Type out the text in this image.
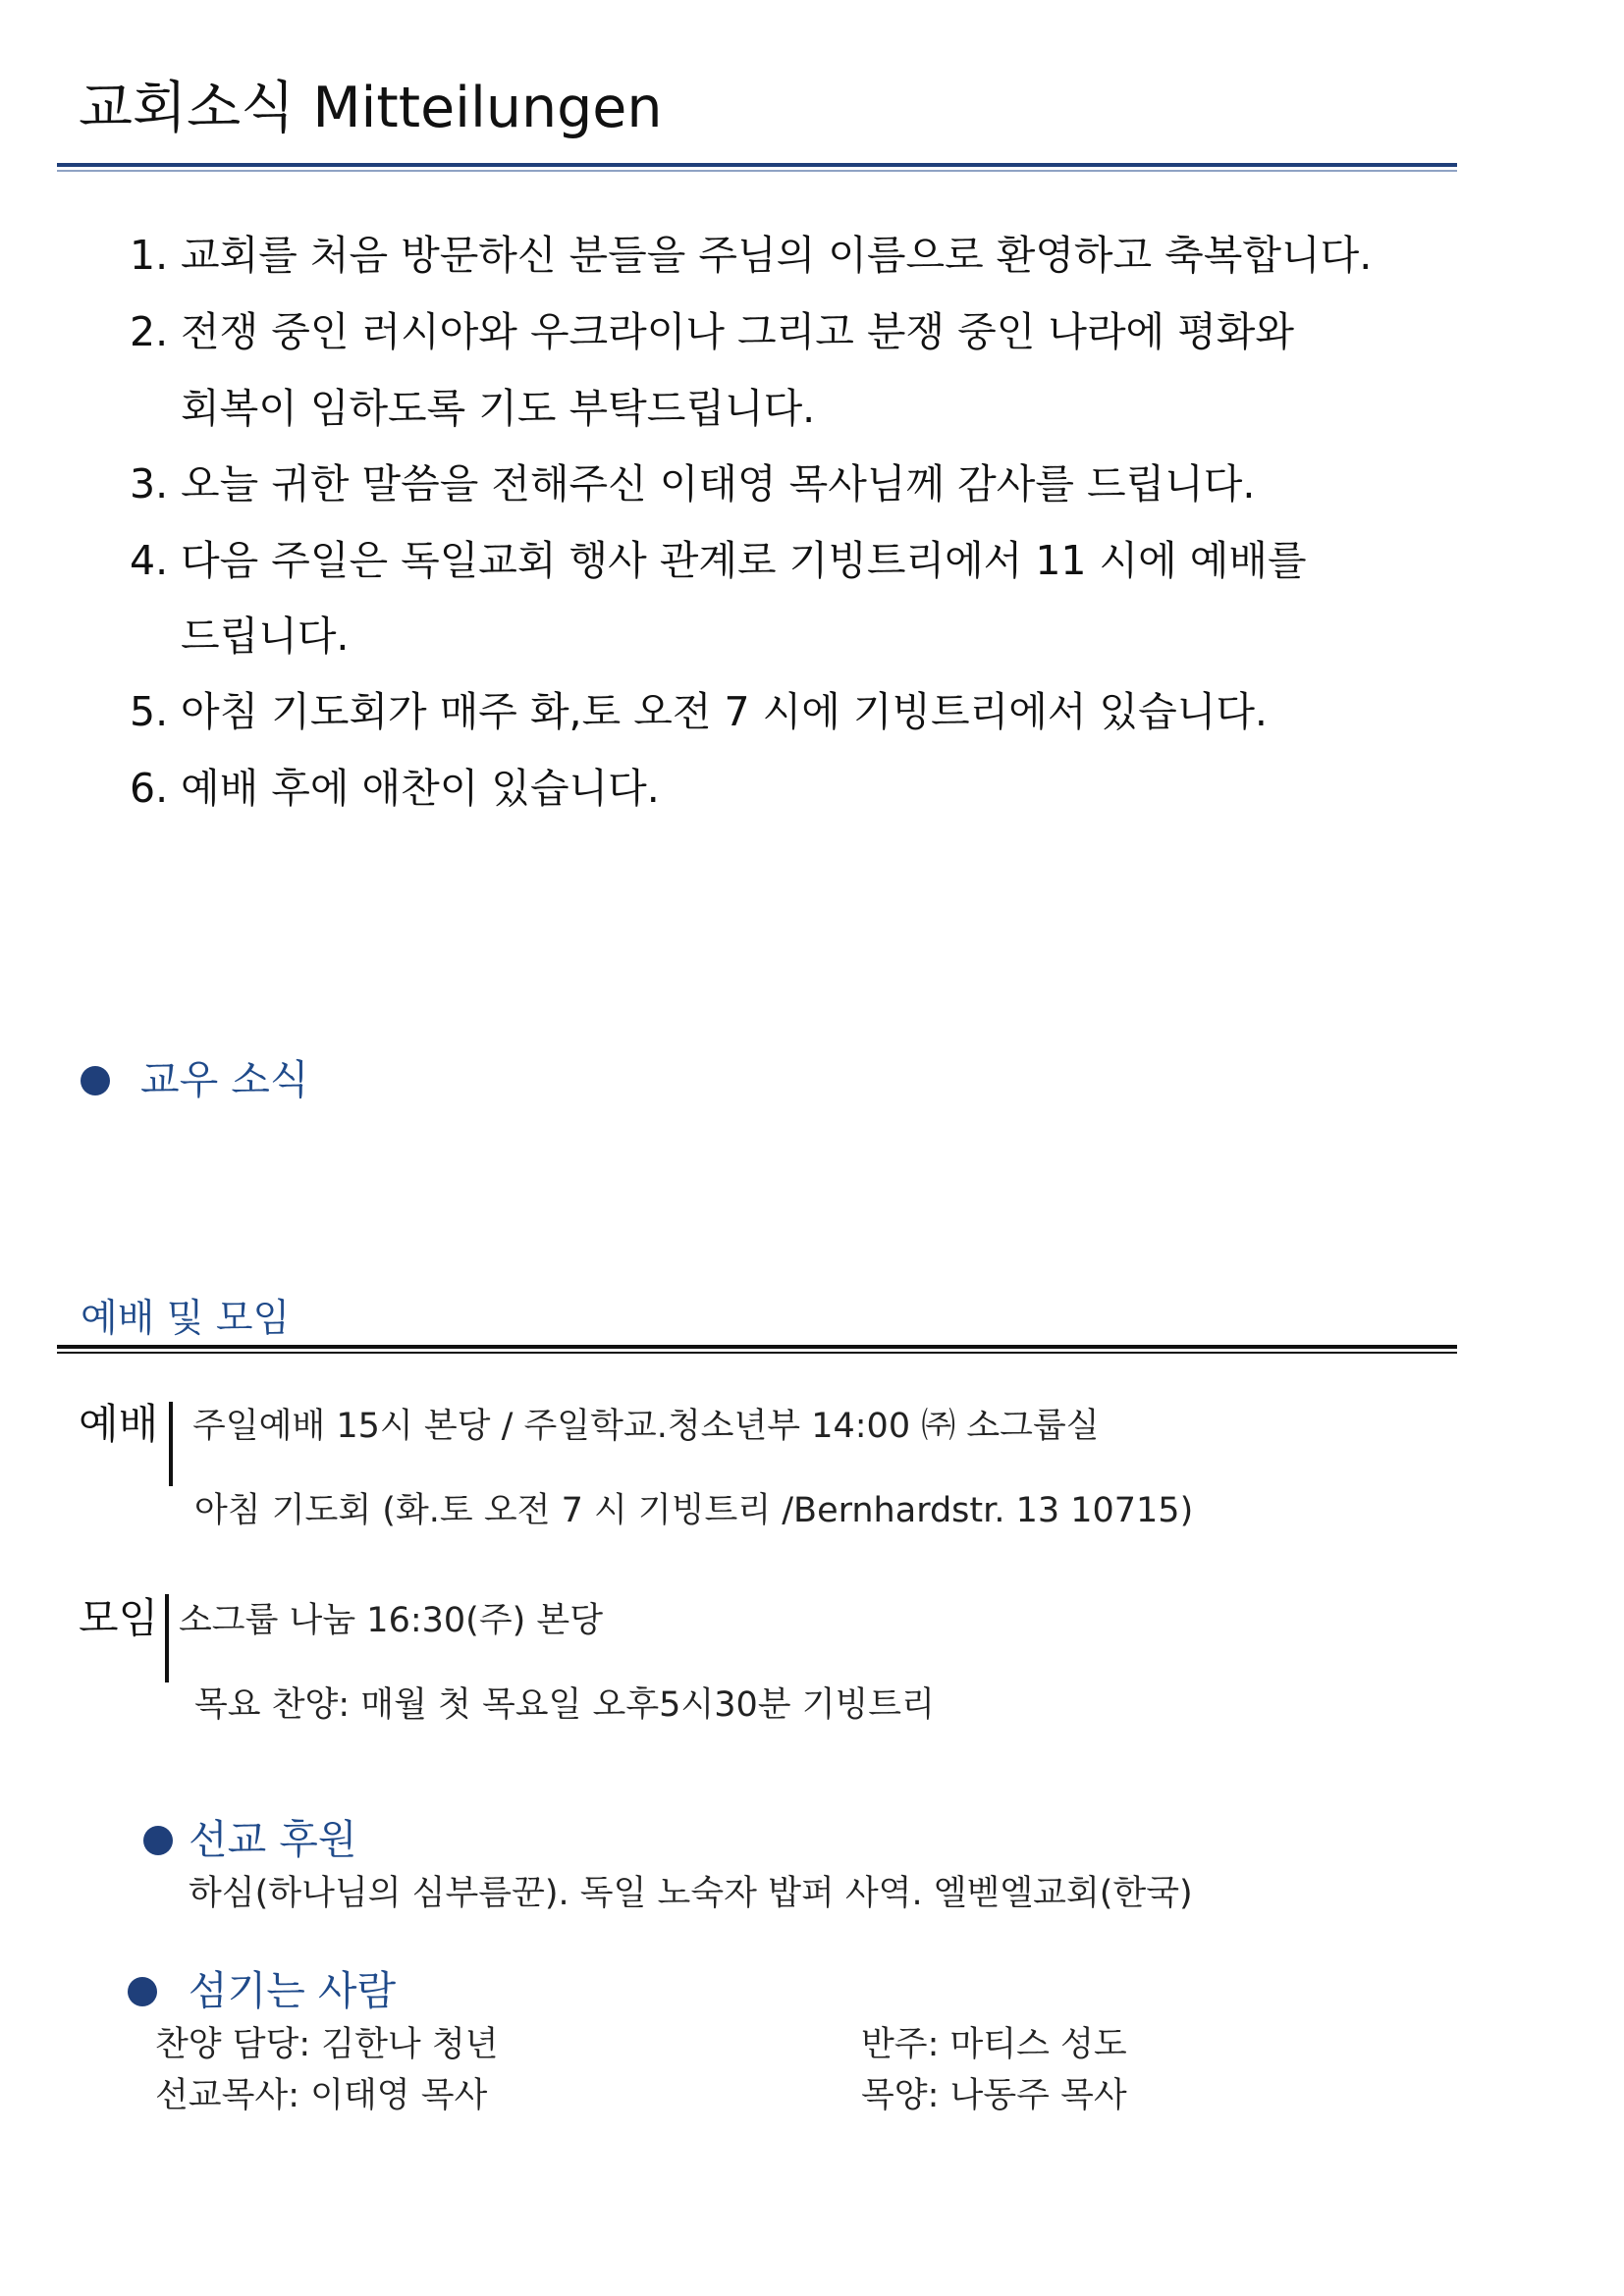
교회소식 Mitteilungen
1. 교회를 처음 방문하신 분들을 주님의 이름으로 환영하고 축복합니다.
2. 전쟁 중인 러시아와 우크라이나 그리고 분쟁 중인 나라에 평화와
회복이 임하도록 기도 부탁드립니다.
3. 오늘 귀한 말씀을 전해주신 이태영 목사님께 감사를 드립니다.
4. 다음 주일은 독일교회 행사 관계로 기빙트리에서 11 시에 예배를
드립니다.
5. 아침 기도회가 매주 화,토 오전 7 시에 기빙트리에서 있습니다.
6. 예배 후에 애찬이 있습니다.
교우 소식
예배 및 모임
예배 주일예배 15시 본당 / 주일학교.청소년부 14:00 ㈜ 소그룹실
아침 기도회 (화.토 오전 7 시 기빙트리 /Bernhardstr. 13 10715)
모임 소그룹 나눔 16:30(주) 본당
목요 찬양: 매월 첫 목요일 오후5시30분 기빙트리
선교 후원
하심(하나님의 심부름꾼). 독일 노숙자 밥퍼 사역. 엘벧엘교회(한국)
섬기는 사람
찬양 담당: 김한나 청년
선교목사: 이태영 목사
반주: 마티스 성도
목양: 나동주 목사
